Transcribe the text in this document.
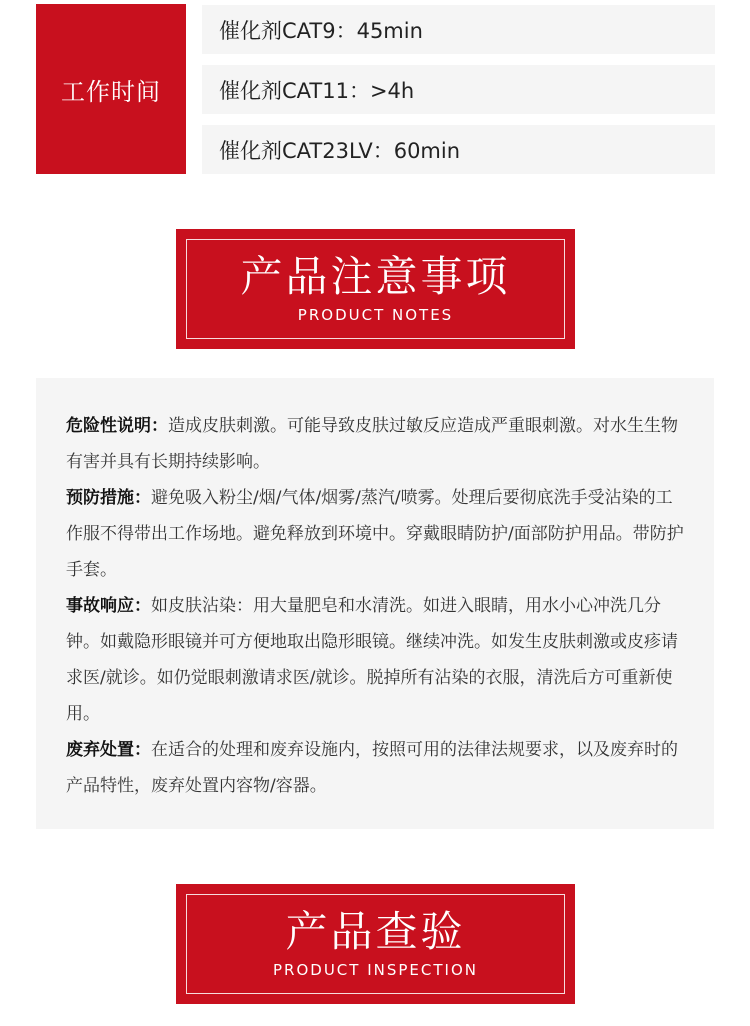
工作时间
催化剂CAT9：45min
催化剂CAT11：>4h
催化剂CAT23LV：60min
产品注意事项
PRODUCT NOTES
危险性说明：造成皮肤刺激。可能导致皮肤过敏反应造成严重眼刺激。对水生生物有害并具有长期持续影响。
预防措施：避免吸入粉尘/烟/气体/烟雾/蒸汽/喷雾。处理后要彻底洗手受沾染的工作服不得带出工作场地。避免释放到环境中。穿戴眼睛防护/面部防护用品。带防护手套。
事故响应：如皮肤沾染：用大量肥皂和水清洗。如进入眼睛，用水小心冲洗几分钟。如戴隐形眼镜并可方便地取出隐形眼镜。继续冲洗。如发生皮肤刺激或皮疹请求医/就诊。如仍觉眼刺激请求医/就诊。脱掉所有沾染的衣服，清洗后方可重新使用。
废弃处置：在适合的处理和废弃设施内，按照可用的法律法规要求，以及废弃时的产品特性，废弃处置内容物/容器。
产品查验
PRODUCT INSPECTION
